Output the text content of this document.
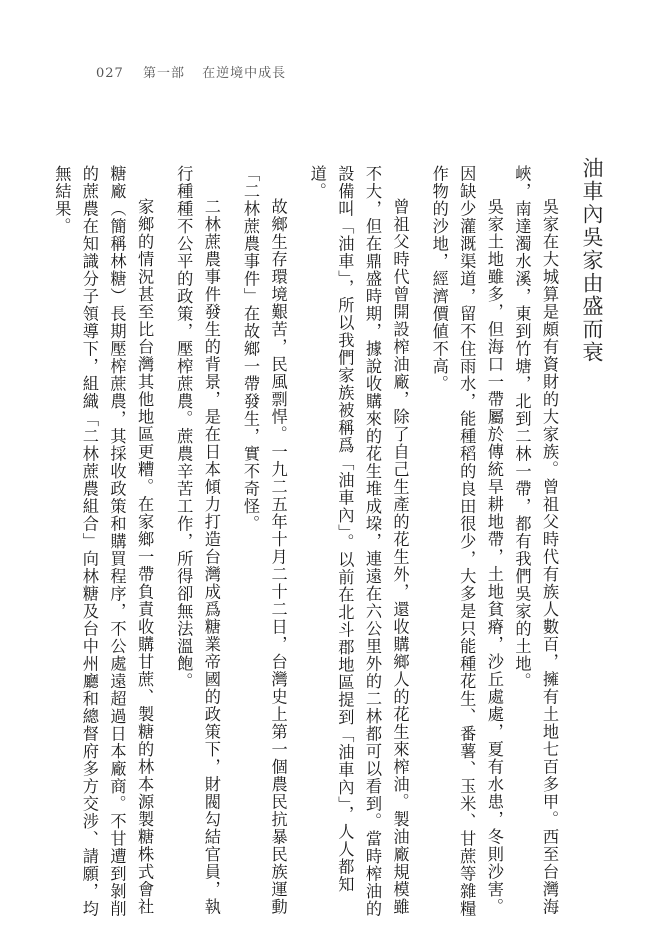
027 第一部 在逆境中成長
油車內吳家由盛而衰
吳家在大城算是頗有資財的大家族。曾祖父時代有族人數百，擁有土地七百多甲。西至台灣海
峽，南達濁水溪，東到竹塘，北到二林一帶，都有我們吳家的土地。
吳家土地雖多，但海口一帶屬於傳統旱耕地帶，土地貧瘠，沙丘處處，夏有水患，冬則沙害。
因缺少灌溉渠道，留不住雨水，能種稻的良田很少，大多是只能種花生、番薯、玉米、甘蔗等雜糧
作物的沙地，經濟價値不高。
曾祖父時代曾開設榨油廠，除了自己生產的花生外，還收購鄉人的花生來榨油。製油廠規模雖
不大，但在鼎盛時期，據說收購來的花生堆成垜，連遠在六公里外的二林都可以看到。當時榨油的
設備叫「油車」，所以我們家族被稱爲「油車內」。以前在北斗郡地區提到「油車內」，人人都知
道。
故鄉生存環境艱苦，民風剽悍。一九二五年十月二十二日，台灣史上第一個農民抗暴民族運動
「二林蔗農事件」在故鄉一帶發生，實不奇怪。
二林蔗農事件發生的背景，是在日本傾力打造台灣成爲糖業帝國的政策下，財閥勾結官員，執
行種種不公平的政策，壓榨蔗農。蔗農辛苦工作，所得卻無法溫飽。
家鄉的情況甚至比台灣其他地區更糟。在家鄉一帶負責收購甘蔗、製糖的林本源製糖株式會社
糖廠（簡稱林糖）長期壓榨蔗農，其採收政策和購買程序，不公處遠超過日本廠商。不甘遭到剝削
的蔗農在知識分子領導下，組織「二林蔗農組合」向林糖及台中州廳和總督府多方交涉、請願，均
無結果。
